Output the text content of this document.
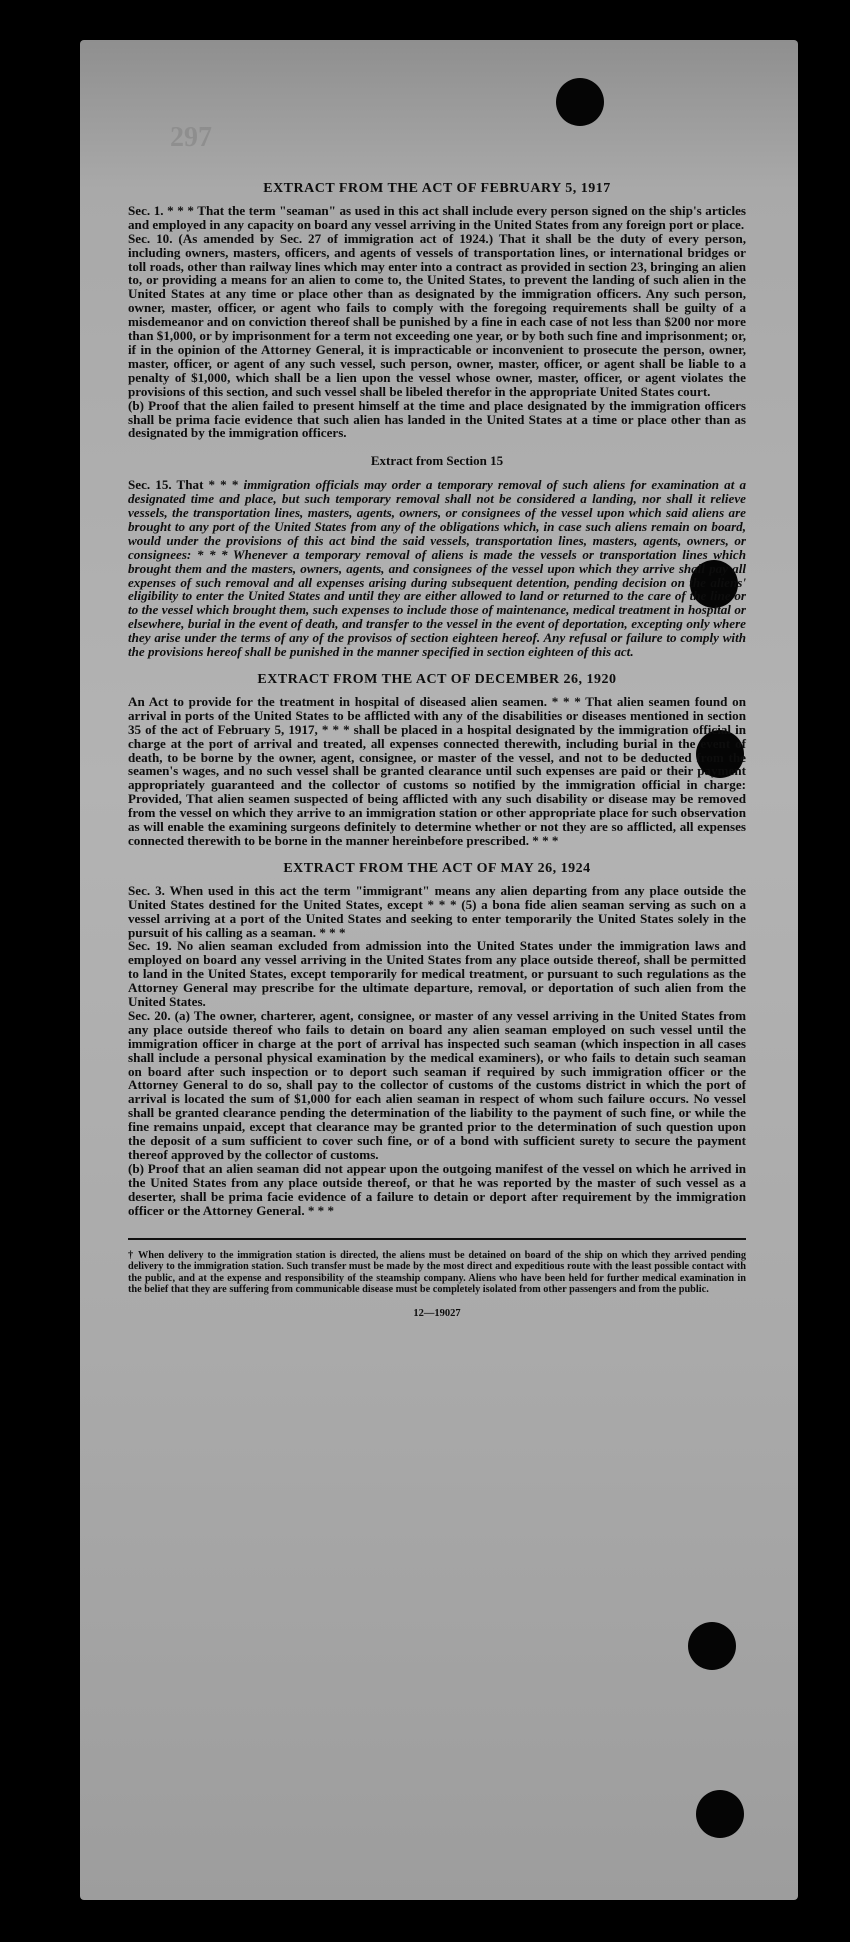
297
EXTRACT FROM THE ACT OF FEBRUARY 5, 1917

Sec. 1. * * * That the term "seaman" as used in this act shall include every person signed on the ship's articles and employed in any capacity on board any vessel arriving in the United States from any foreign port or place.

Sec. 10. (As amended by Sec. 27 of immigration act of 1924.) That it shall be the duty of every person, including owners, masters, officers, and agents of vessels of transportation lines, or international bridges or toll roads, other than railway lines which may enter into a contract as provided in section 23, bringing an alien to, or providing a means for an alien to come to, the United States, to prevent the landing of such alien in the United States at any time or place other than as designated by the immigration officers. Any such person, owner, master, officer, or agent who fails to comply with the foregoing requirements shall be guilty of a misdemeanor and on conviction thereof shall be punished by a fine in each case of not less than $200 nor more than $1,000, or by imprisonment for a term not exceeding one year, or by both such fine and imprisonment; or, if in the opinion of the Attorney General, it is impracticable or inconvenient to prosecute the person, owner, master, officer, or agent of any such vessel, such person, owner, master, officer, or agent shall be liable to a penalty of $1,000, which shall be a lien upon the vessel whose owner, master, officer, or agent violates the provisions of this section, and such vessel shall be libeled therefor in the appropriate United States court.

(b) Proof that the alien failed to present himself at the time and place designated by the immigration officers shall be prima facie evidence that such alien has landed in the United States at a time or place other than as designated by the immigration officers.

Extract from Section 15

Sec. 15. That * * * immigration officials may order a temporary removal of such aliens for examination at a designated time and place, but such temporary removal shall not be considered a landing, nor shall it relieve vessels, the transportation lines, masters, agents, owners, or consignees of the vessel upon which said aliens are brought to any port of the United States from any of the obligations which, in case such aliens remain on board, would under the provisions of this act bind the said vessels, transportation lines, masters, agents, owners, or consignees: * * * Whenever a temporary removal of aliens is made the vessels or transportation lines which brought them and the masters, owners, agents, and consignees of the vessel upon which they arrive shall pay all expenses of such removal and all expenses arising during subsequent detention, pending decision on the aliens' eligibility to enter the United States and until they are either allowed to land or returned to the care of the line or to the vessel which brought them, such expenses to include those of maintenance, medical treatment in hospital or elsewhere, burial in the event of death, and transfer to the vessel in the event of deportation, excepting only where they arise under the terms of any of the provisos of section eighteen hereof. Any refusal or failure to comply with the provisions hereof shall be punished in the manner specified in section eighteen of this act.

EXTRACT FROM THE ACT OF DECEMBER 26, 1920

An Act to provide for the treatment in hospital of diseased alien seamen. * * * That alien seamen found on arrival in ports of the United States to be afflicted with any of the disabilities or diseases mentioned in section 35 of the act of February 5, 1917, * * * shall be placed in a hospital designated by the immigration official in charge at the port of arrival and treated, all expenses connected therewith, including burial in the event of death, to be borne by the owner, agent, consignee, or master of the vessel, and not to be deducted from the seamen's wages, and no such vessel shall be granted clearance until such expenses are paid or their payment appropriately guaranteed and the collector of customs so notified by the immigration official in charge: Provided, That alien seamen suspected of being afflicted with any such disability or disease may be removed from the vessel on which they arrive to an immigration station or other appropriate place for such observation as will enable the examining surgeons definitely to determine whether or not they are so afflicted, all expenses connected therewith to be borne in the manner hereinbefore prescribed. * * *

EXTRACT FROM THE ACT OF MAY 26, 1924

Sec. 3. When used in this act the term "immigrant" means any alien departing from any place outside the United States destined for the United States, except * * * (5) a bona fide alien seaman serving as such on a vessel arriving at a port of the United States and seeking to enter temporarily the United States solely in the pursuit of his calling as a seaman. * * *

Sec. 19. No alien seaman excluded from admission into the United States under the immigration laws and employed on board any vessel arriving in the United States from any place outside thereof, shall be permitted to land in the United States, except temporarily for medical treatment, or pursuant to such regulations as the Attorney General may prescribe for the ultimate departure, removal, or deportation of such alien from the United States.

Sec. 20. (a) The owner, charterer, agent, consignee, or master of any vessel arriving in the United States from any place outside thereof who fails to detain on board any alien seaman employed on such vessel until the immigration officer in charge at the port of arrival has inspected such seaman (which inspection in all cases shall include a personal physical examination by the medical examiners), or who fails to detain such seaman on board after such inspection or to deport such seaman if required by such immigration officer or the Attorney General to do so, shall pay to the collector of customs of the customs district in which the port of arrival is located the sum of $1,000 for each alien seaman in respect of whom such failure occurs. No vessel shall be granted clearance pending the determination of the liability to the payment of such fine, or while the fine remains unpaid, except that clearance may be granted prior to the determination of such question upon the deposit of a sum sufficient to cover such fine, or of a bond with sufficient surety to secure the payment thereof approved by the collector of customs.

(b) Proof that an alien seaman did not appear upon the outgoing manifest of the vessel on which he arrived in the United States from any place outside thereof, or that he was reported by the master of such vessel as a deserter, shall be prima facie evidence of a failure to detain or deport after requirement by the immigration officer or the Attorney General. * * *

† When delivery to the immigration station is directed, the aliens must be detained on board of the ship on which they arrived pending delivery to the immigration station. Such transfer must be made by the most direct and expeditious route with the least possible contact with the public, and at the expense and responsibility of the steamship company. Aliens who have been held for further medical examination in the belief that they are suffering from communicable disease must be completely isolated from other passengers and from the public.

12—19027
